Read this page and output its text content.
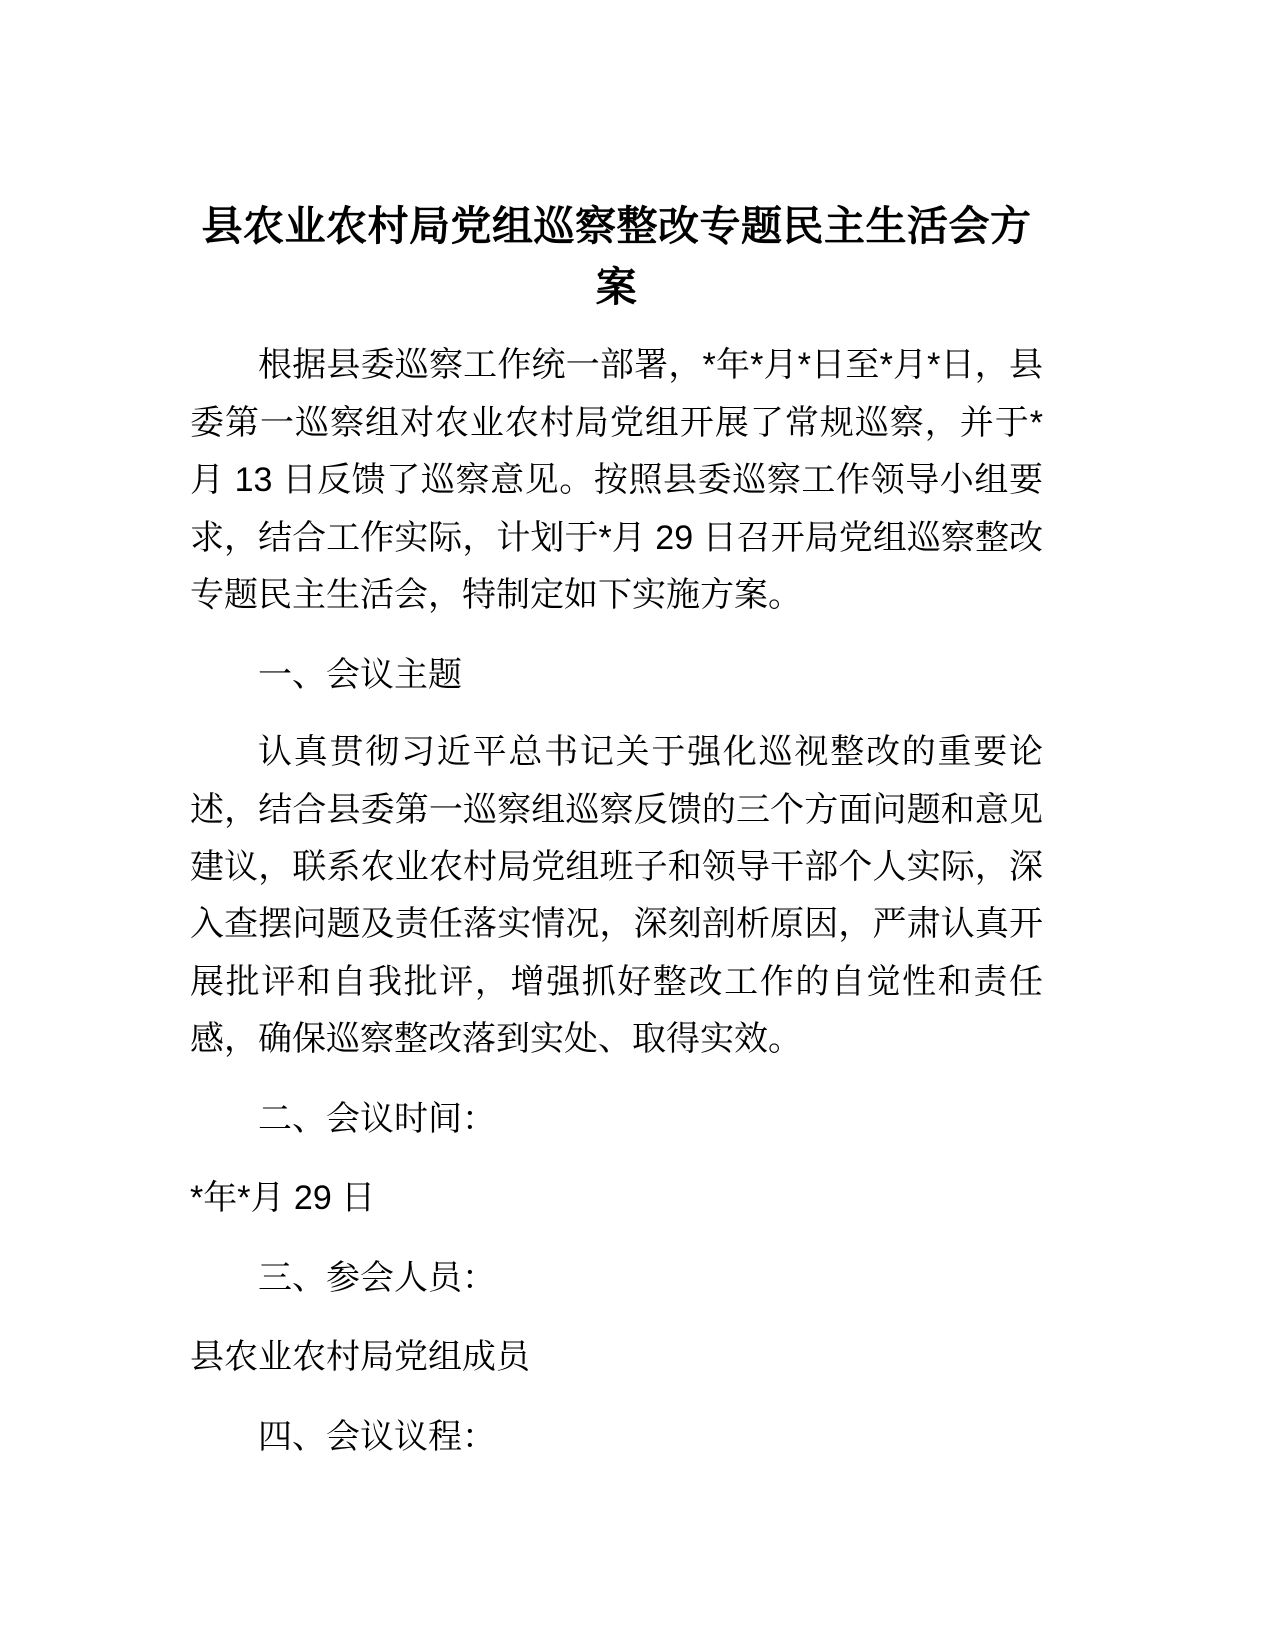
县农业农村局党组巡察整改专题民主生活会方案

根据县委巡察工作统一部署，*年*月*日至*月*日，县委第一巡察组对农业农村局党组开展了常规巡察，并于*月 13 日反馈了巡察意见。按照县委巡察工作领导小组要求，结合工作实际，计划于*月 29 日召开局党组巡察整改专题民主生活会，特制定如下实施方案。

一、会议主题

认真贯彻习近平总书记关于强化巡视整改的重要论述，结合县委第一巡察组巡察反馈的三个方面问题和意见建议，联系农业农村局党组班子和领导干部个人实际，深入查摆问题及责任落实情况，深刻剖析原因，严肃认真开展批评和自我批评，增强抓好整改工作的自觉性和责任感，确保巡察整改落到实处、取得实效。

二、会议时间：

*年*月 29 日

三、参会人员：

县农业农村局党组成员

四、会议议程：
